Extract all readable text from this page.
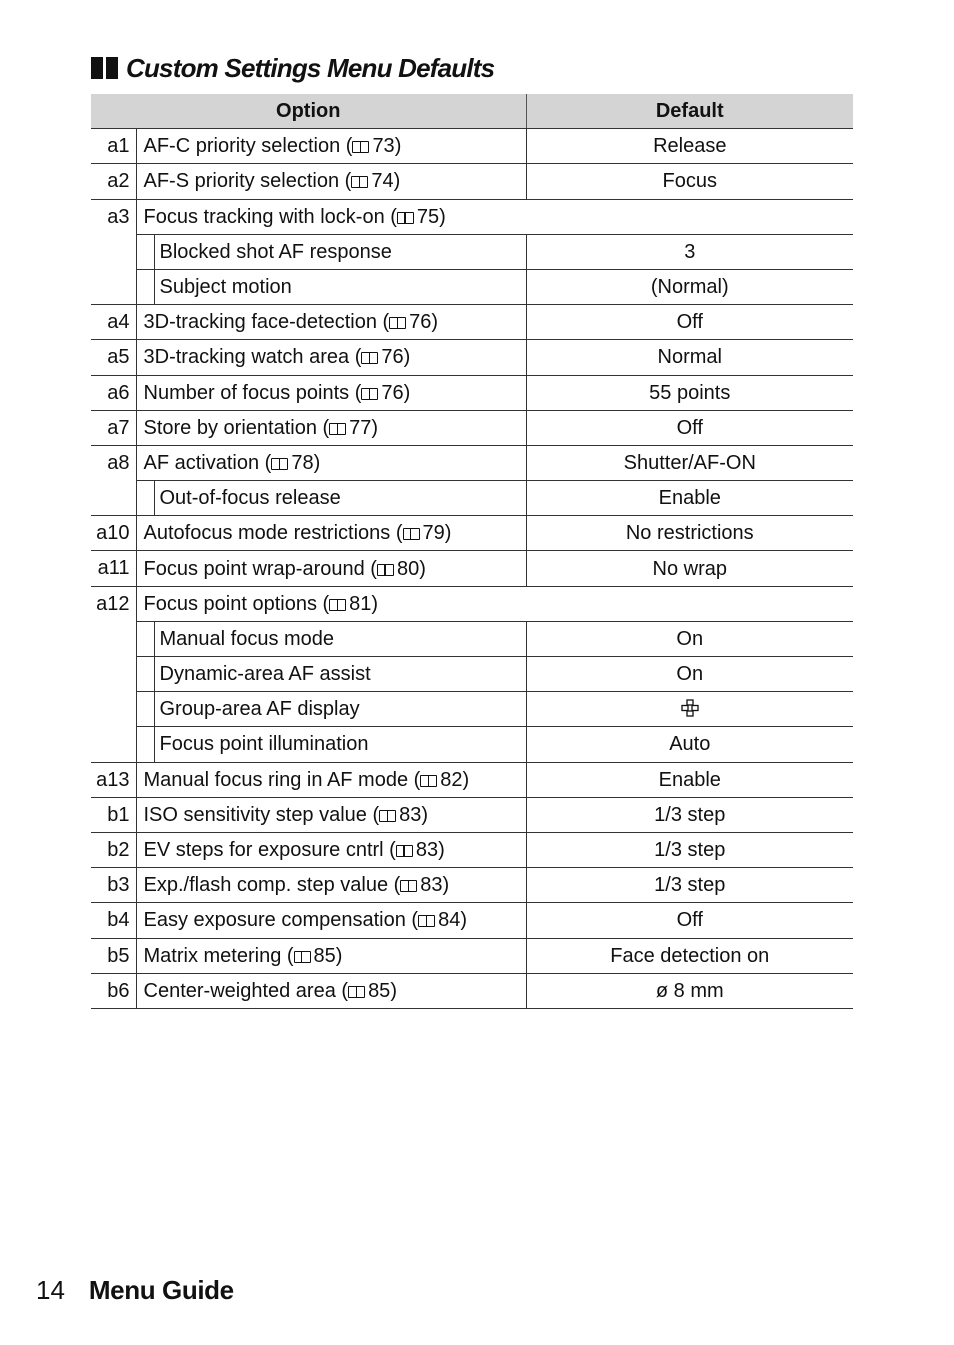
Custom Settings Menu Defaults
Option			Default
a1	AF-C priority selection ( 73)		Release
a2	AF-S priority selection ( 74)		Focus
a3	Focus tracking with lock-on ( 75)		
		Blocked shot AF response	3
		Subject motion	(Normal)
a4	3D-tracking face-detection ( 76)		Off
a5	3D-tracking watch area ( 76)		Normal
a6	Number of focus points ( 76)		55 points
a7	Store by orientation ( 77)		Off
a8	AF activation ( 78)		Shutter/AF-ON
		Out-of-focus release	Enable
a10	Autofocus mode restrictions ( 79)		No restrictions
a11	Focus point wrap-around ( 80)		No wrap
a12	Focus point options ( 81)		
		Manual focus mode	On
		Dynamic-area AF assist	On
		Group-area AF display	
		Focus point illumination	Auto
a13	Manual focus ring in AF mode ( 82)		Enable
b1	ISO sensitivity step value ( 83)		1/3 step
b2	EV steps for exposure cntrl ( 83)		1/3 step
b3	Exp./flash comp. step value ( 83)		1/3 step
b4	Easy exposure compensation ( 84)		Off
b5	Matrix metering ( 85)		Face detection on
b6	Center-weighted area ( 85)		ø 8 mm
14 Menu Guide
